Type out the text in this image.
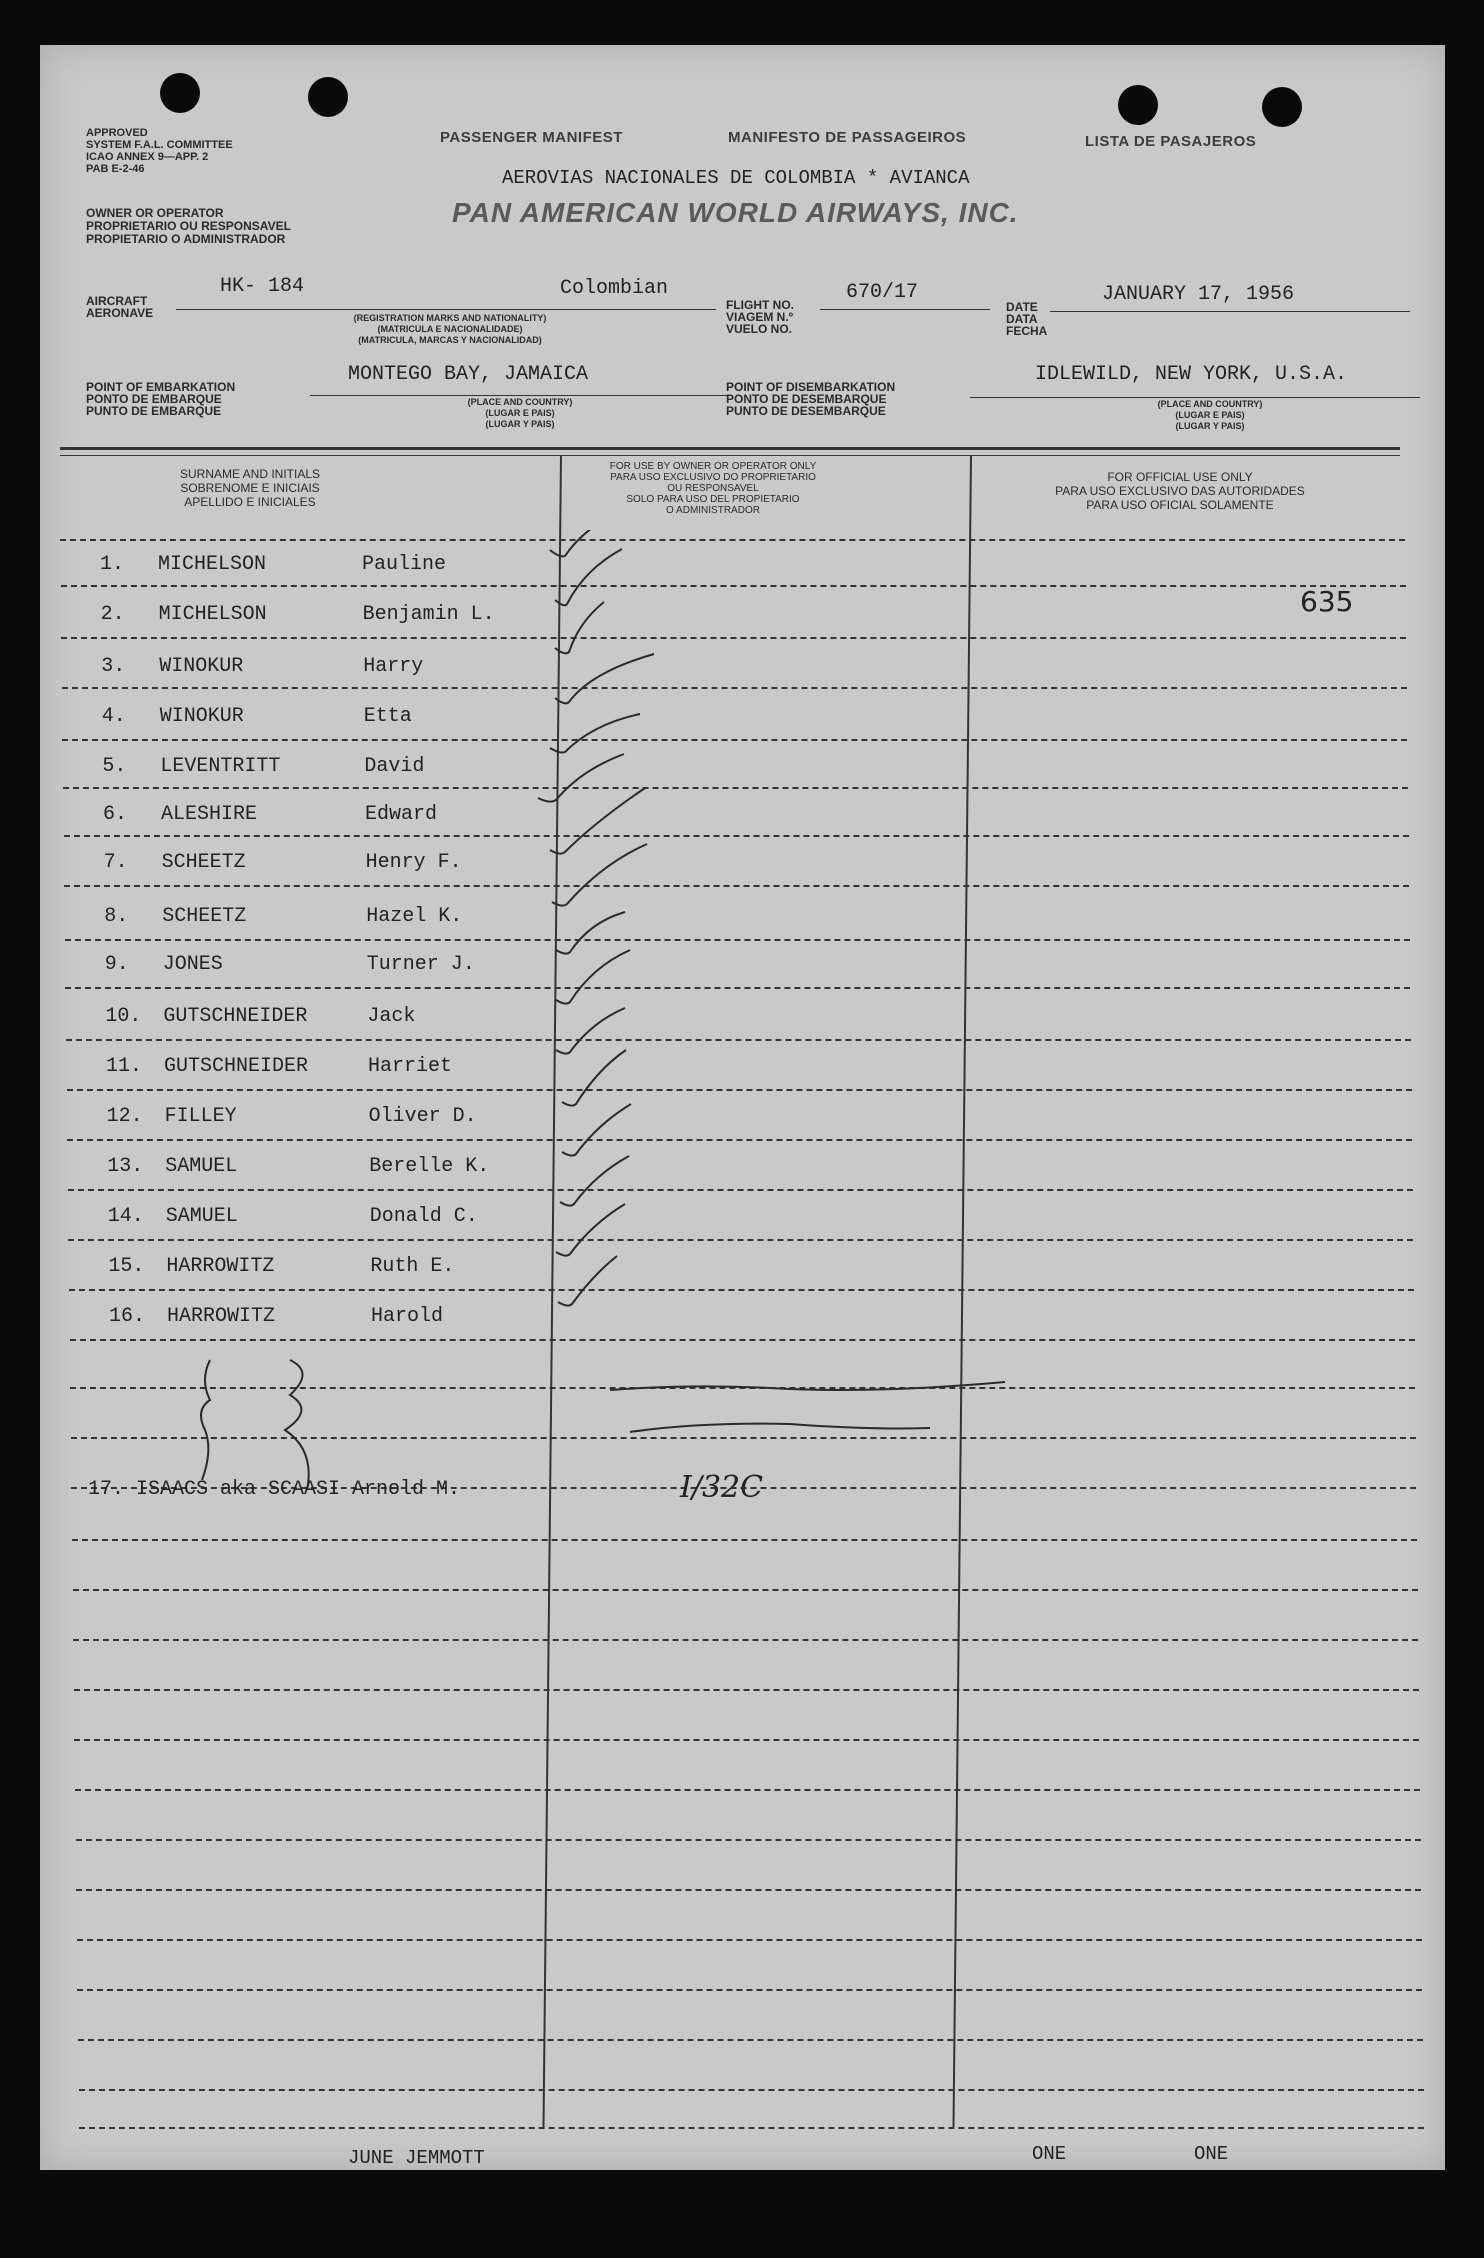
APPROVED
SYSTEM F.A.L. COMMITTEE
ICAO ANNEX 9—APP. 2
PAB E-2-46
OWNER OR OPERATOR
PROPRIETARIO OU RESPONSAVEL
PROPIETARIO O ADMINISTRADOR
PASSENGER MANIFEST	MANIFESTO DE PASSAGEIROS	LISTA DE PASAJEROS
AEROVIAS NACIONALES DE COLOMBIA * AVIANCA
PAN AMERICAN WORLD AIRWAYS, INC.
AIRCRAFT
AERONAVE
HK- 184	Colombian
(REGISTRATION MARKS AND NATIONALITY)
(MATRICULA E NACIONALIDADE)
(MATRICULA, MARCAS Y NACIONALIDAD)
FLIGHT NO.
VIAGEM N.º
VUELO NO.
670/17
DATE
DATA
FECHA
JANUARY 17, 1956
POINT OF EMBARKATION
PONTO DE EMBARQUE
PUNTO DE EMBARQUE
MONTEGO BAY, JAMAICA
(PLACE AND COUNTRY)
(LUGAR E PAIS)
(LUGAR Y PAIS)
POINT OF DISEMBARKATION
PONTO DE DESEMBARQUE
PUNTO DE DESEMBARQUE
IDLEWILD, NEW YORK, U.S.A.
(PLACE AND COUNTRY)
(LUGAR E PAIS)
(LUGAR Y PAIS)
SURNAME AND INITIALS
SOBRENOME E INICIAIS
APELLIDO E INICIALES
FOR USE BY OWNER OR OPERATOR ONLY
PARA USO EXCLUSIVO DO PROPRIETARIO
OU RESPONSAVEL
SOLO PARA USO DEL PROPIETARIO
O ADMINISTRADOR
FOR OFFICIAL USE ONLY
PARA USO EXCLUSIVO DAS AUTORIDADES
PARA USO OFICIAL SOLAMENTE
1. MICHELSON	Pauline
2. MICHELSON	Benjamin L.
3. WINOKUR	Harry
4. WINOKUR	Etta
5. LEVENTRITT	David
6. ALESHIRE	Edward
7. SCHEETZ	Henry F.
8. SCHEETZ	Hazel K.
9. JONES	Turner J.
10. GUTSCHNEIDER	Jack
11. GUTSCHNEIDER	Harriet
12. FILLEY	Oliver D.
13. SAMUEL	Berelle K.
14. SAMUEL	Donald C.
15. HARROWITZ	Ruth E.
16. HARROWITZ	Harold
17. ISAACS aka SCAASI Arnold M.	I/32C
635
JUNE JEMMOTT	ONE	ONE
